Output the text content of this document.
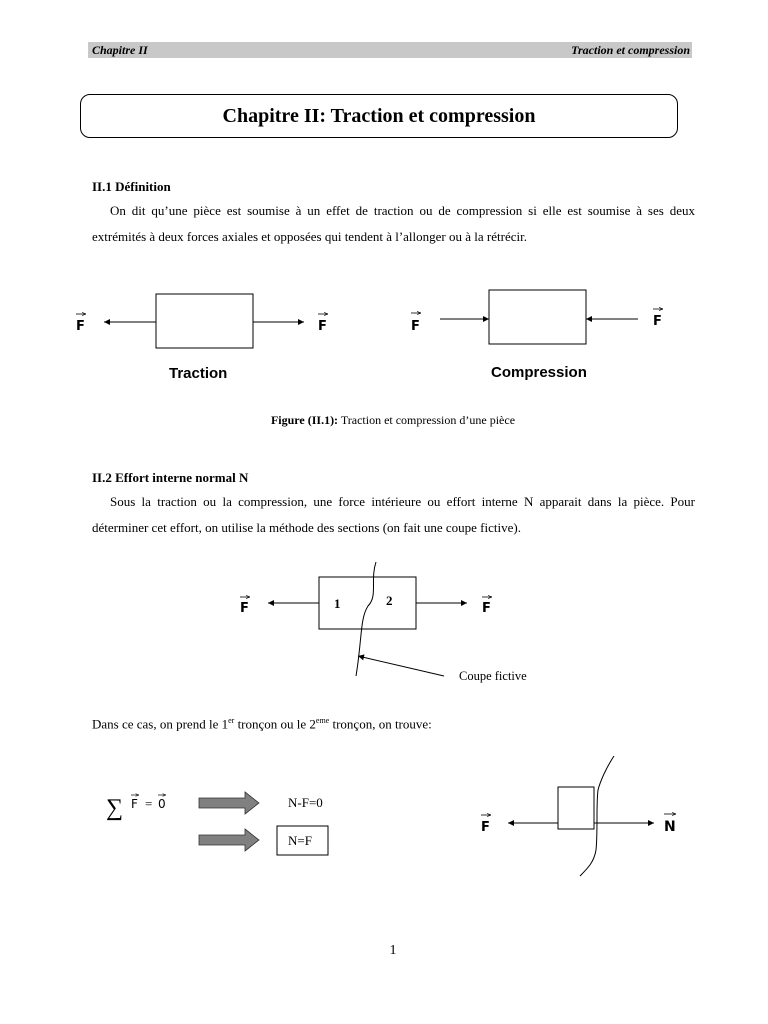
Chapitre II	Traction et compression
Chapitre II: Traction et compression
II.1 Définition
On dit qu’une pièce est soumise à un effet de traction ou de compression si elle est soumise à ses deux extrémités à deux forces axiales et opposées qui tendent à l’allonger ou à la rétrécir.
F	F
Traction
F	F
Compression
F	F
1	2
Coupe fictive
∑ F = 0	N-F=0
N=F
F	N
Figure (II.1): Traction et compression d’une pièce
II.2 Effort interne normal N
Sous la traction ou la compression, une force intérieure ou effort interne N apparait dans la pièce. Pour déterminer cet effort, on utilise la méthode des sections (on fait une coupe fictive).
Dans ce cas, on prend le 1er tronçon ou le 2eme tronçon, on trouve:
1
